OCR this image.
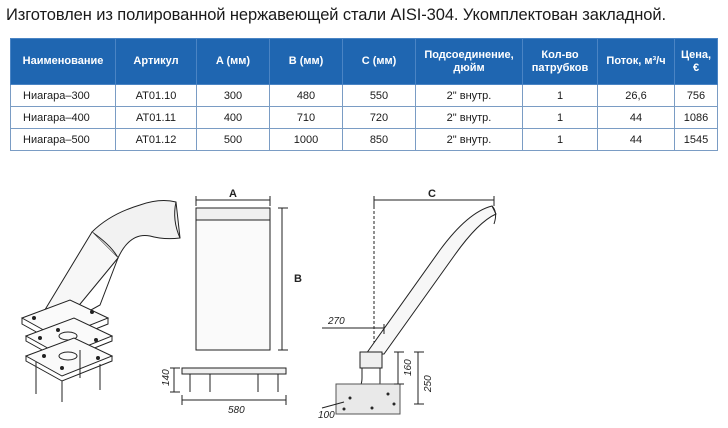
Изготовлен из полированной нержавеющей стали AISI-304. Укомплектован закладной.
Наименование	Артикул	A (мм)	B (мм)	C (мм)	Подсоединение, дюйм	Кол-во патрубков	Поток, м³/ч	Цена, €
Ниагара–300	AT01.10	300	480	550	2" внутр.	1	26,6	756
Ниагара–400	AT01.11	400	710	720	2" внутр.	1	44	1086
Ниагара–500	AT01.12	500	1000	850	2" внутр.	1	44	1545
A
B
140
580
C
270
160
250
100
